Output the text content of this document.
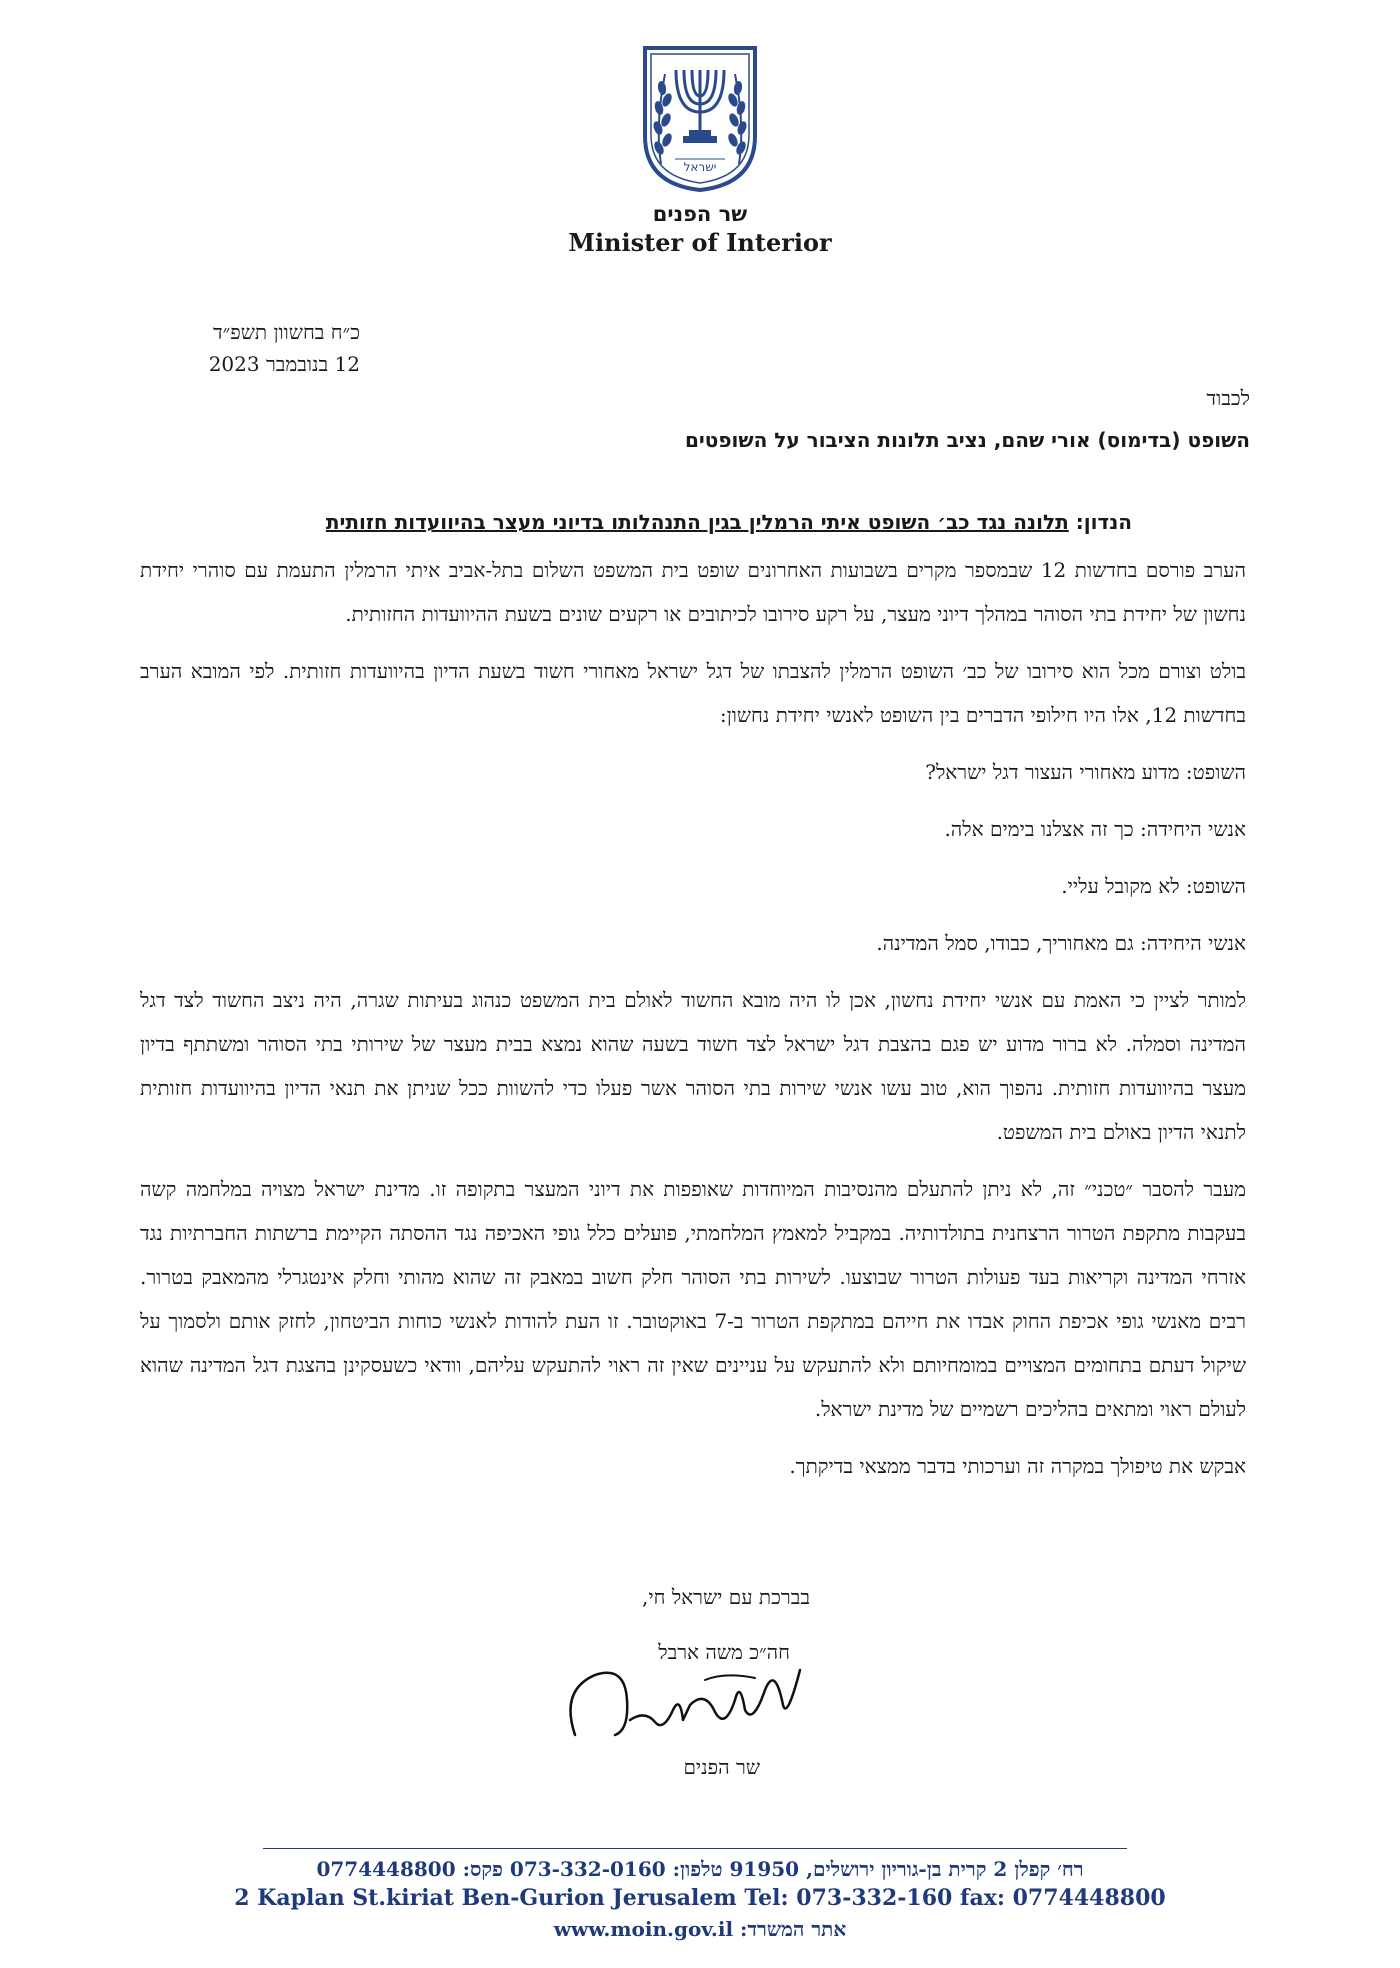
ישראל
שר הפנים
Minister of Interior
כ״ח בחשוון תשפ״ד
12 בנובמבר 2023
לכבוד
השופט (בדימוס) אורי שהם, נציב תלונות הציבור על השופטים
הנדון: תלונה נגד כב׳ השופט איתי הרמלין בגין התנהלותו בדיוני מעצר בהיוועדות חזותית

הערב פורסם בחדשות 12 שבמספר מקרים בשבועות האחרונים שופט בית המשפט השלום בתל-אביב איתי הרמלין התעמת עם סוהרי יחידת נחשון של יחידת בתי הסוהר במהלך דיוני מעצר, על רקע סירובו לכיתובים או רקעים שונים בשעת ההיוועדות החזותית.

בולט וצורם מכל הוא סירובו של כב׳ השופט הרמלין להצבתו של דגל ישראל מאחורי חשוד בשעת הדיון בהיוועדות חזותית. לפי המובא הערב בחדשות 12, אלו היו חילופי הדברים בין השופט לאנשי יחידת נחשון:

השופט: מדוע מאחורי העצור דגל ישראל?

אנשי היחידה: כך זה אצלנו בימים אלה.

השופט: לא מקובל עליי.

אנשי היחידה: גם מאחוריך, כבודו, סמל המדינה.

למותר לציין כי האמת עם אנשי יחידת נחשון, אכן לו היה מובא החשוד לאולם בית המשפט כנהוג בעיתות שגרה, היה ניצב החשוד לצד דגל המדינה וסמלה. לא ברור מדוע יש פגם בהצבת דגל ישראל לצד חשוד בשעה שהוא נמצא בבית מעצר של שירותי בתי הסוהר ומשתתף בדיון מעצר בהיוועדות חזותית. נהפוך הוא, טוב עשו אנשי שירות בתי הסוהר אשר פעלו כדי להשוות ככל שניתן את תנאי הדיון בהיוועדות חזותית לתנאי הדיון באולם בית המשפט.

מעבר להסבר ״טכני״ זה, לא ניתן להתעלם מהנסיבות המיוחדות שאופפות את דיוני המעצר בתקופה זו. מדינת ישראל מצויה במלחמה קשה בעקבות מתקפת הטרור הרצחנית בתולדותיה. במקביל למאמץ המלחמתי, פועלים כלל גופי האכיפה נגד ההסתה הקיימת ברשתות החברתיות נגד אזרחי המדינה וקריאות בעד פעולות הטרור שבוצעו. לשירות בתי הסוהר חלק חשוב במאבק זה שהוא מהותי וחלק אינטגרלי מהמאבק בטרור. רבים מאנשי גופי אכיפת החוק אבדו את חייהם במתקפת הטרור ב-7 באוקטובר. זו העת להודות לאנשי כוחות הביטחון, לחזק אותם ולסמוך על שיקול דעתם בתחומים המצויים במומחיותם ולא להתעקש על עניינים שאין זה ראוי להתעקש עליהם, וודאי כשעסקינן בהצגת דגל המדינה שהוא לעולם ראוי ומתאים בהליכים רשמיים של מדינת ישראל.

אבקש את טיפולך במקרה זה וערכותי בדבר ממצאי בדיקתך.

בברכת עם ישראל חי,
חה״כ משה ארבל
שר הפנים
רח׳ קפלן 2 קרית בן-גוריון ירושלים, 91950 טלפון: 073-332-0160 פקס: 0774448800
2 Kaplan St.kiriat Ben-Gurion Jerusalem Tel: 073-332-160 fax: 0774448800
אתר המשרד: www.moin.gov.il
